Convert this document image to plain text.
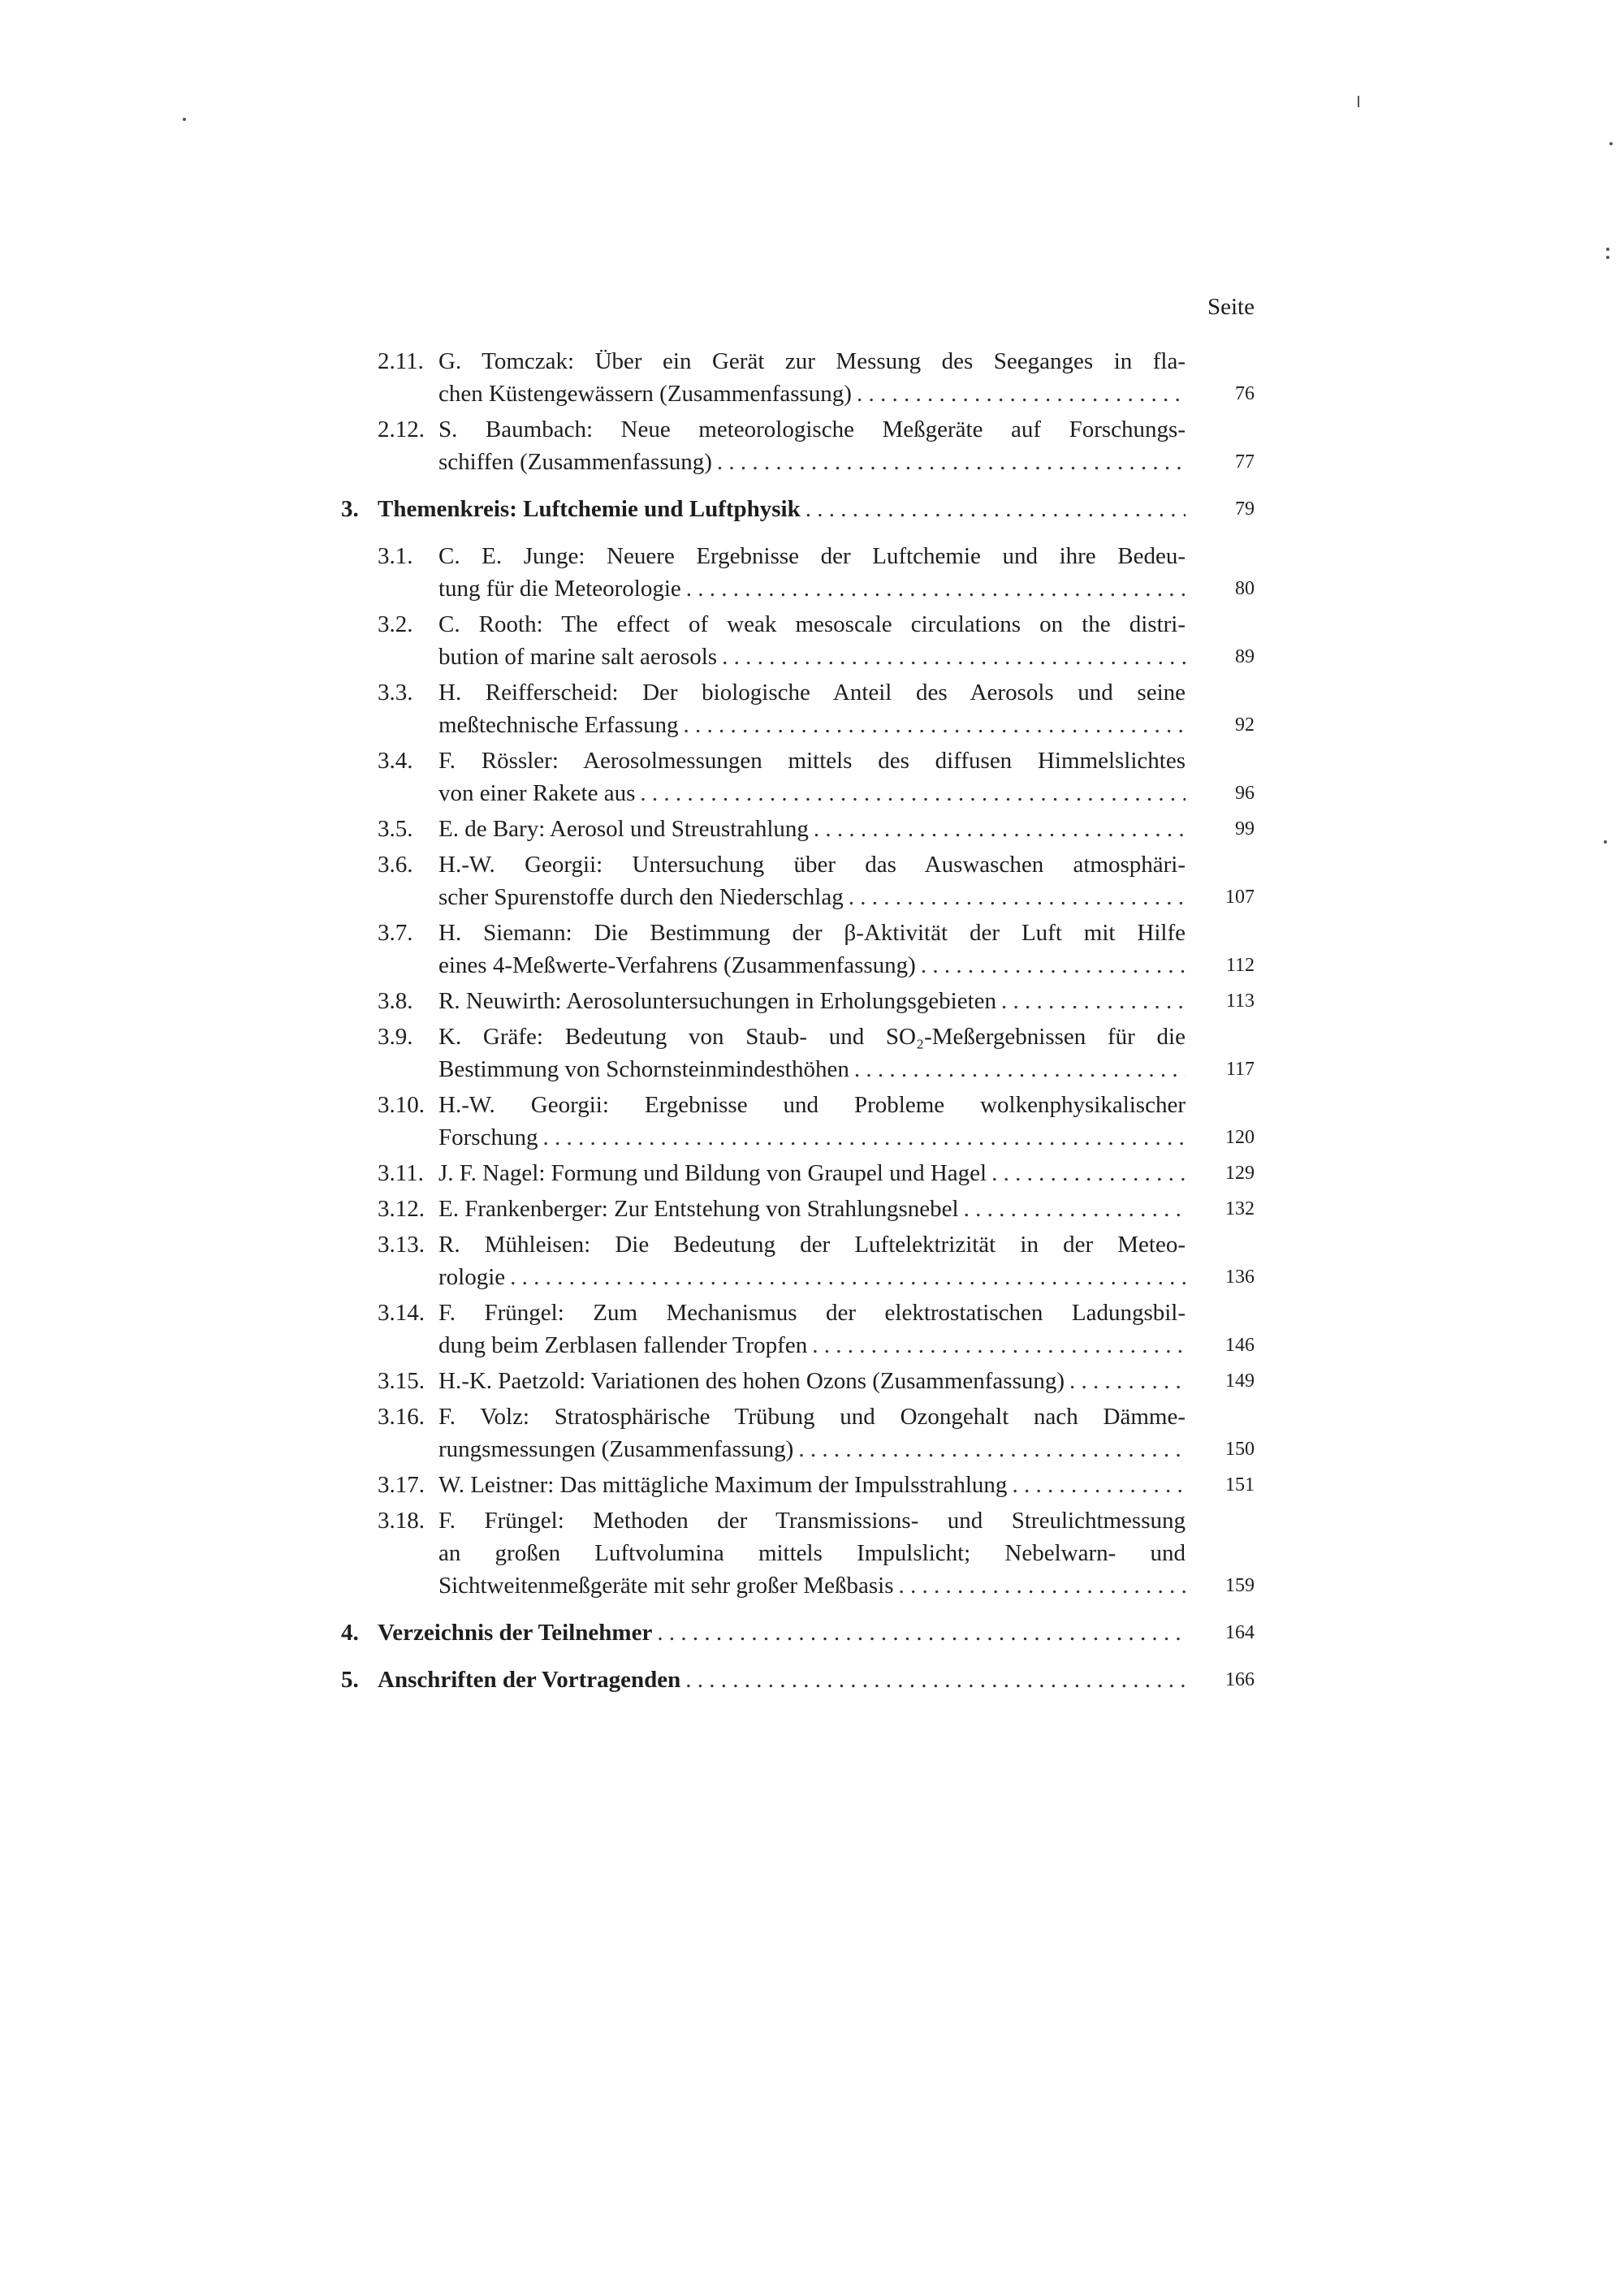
Seite
2.11. G. Tomczak: Über ein Gerät zur Messung des Seeganges in fla-
chen Küstengewässern (Zusammenfassung) . . .	76
2.12. S. Baumbach: Neue meteorologische Meßgeräte auf Forschungs-
schiffen (Zusammenfassung) . . .	77
3. Themenkreis: Luftchemie und Luftphysik . . .	79
3.1. C. E. Junge: Neuere Ergebnisse der Luftchemie und ihre Bedeu-
tung für die Meteorologie . . .	80
3.2. C. Rooth: The effect of weak mesoscale circulations on the distri-
bution of marine salt aerosols . . .	89
3.3. H. Reifferscheid: Der biologische Anteil des Aerosols und seine
meßtechnische Erfassung . . .	92
3.4. F. Rössler: Aerosolmessungen mittels des diffusen Himmelslichtes
von einer Rakete aus . . .	96
3.5. E. de Bary: Aerosol und Streustrahlung . . .	99
3.6. H.-W. Georgii: Untersuchung über das Auswaschen atmosphäri-
scher Spurenstoffe durch den Niederschlag . . .	107
3.7. H. Siemann: Die Bestimmung der β-Aktivität der Luft mit Hilfe
eines 4-Meßwerte-Verfahrens (Zusammenfassung) . . .	112
3.8. R. Neuwirth: Aerosoluntersuchungen in Erholungsgebieten . . .	113
3.9. K. Gräfe: Bedeutung von Staub- und SO₂-Meßergebnissen für die
Bestimmung von Schornsteinmindesthöhen . . .	117
3.10. H.-W. Georgii: Ergebnisse und Probleme wolkenphysikalischer
Forschung . . .	120
3.11. J. F. Nagel: Formung und Bildung von Graupel und Hagel . . .	129
3.12. E. Frankenberger: Zur Entstehung von Strahlungsnebel . . .	132
3.13. R. Mühleisen: Die Bedeutung der Luftelektrizität in der Meteo-
rologie . . .	136
3.14. F. Früngel: Zum Mechanismus der elektrostatischen Ladungsbil-
dung beim Zerblasen fallender Tropfen . . .	146
3.15. H.-K. Paetzold: Variationen des hohen Ozons (Zusammenfassung) . . .	149
3.16. F. Volz: Stratosphärische Trübung und Ozongehalt nach Dämme-
rungsmessungen (Zusammenfassung) . . .	150
3.17. W. Leistner: Das mittägliche Maximum der Impulsstrahlung . . .	151
3.18. F. Früngel: Methoden der Transmissions- und Streulichtmessung
an großen Luftvolumina mittels Impulslicht; Nebelwarn- und
Sichtweitenmeßgeräte mit sehr großer Meßbasis . . .	159
4. Verzeichnis der Teilnehmer . . .	164
5. Anschriften der Vortragenden . . .	166
